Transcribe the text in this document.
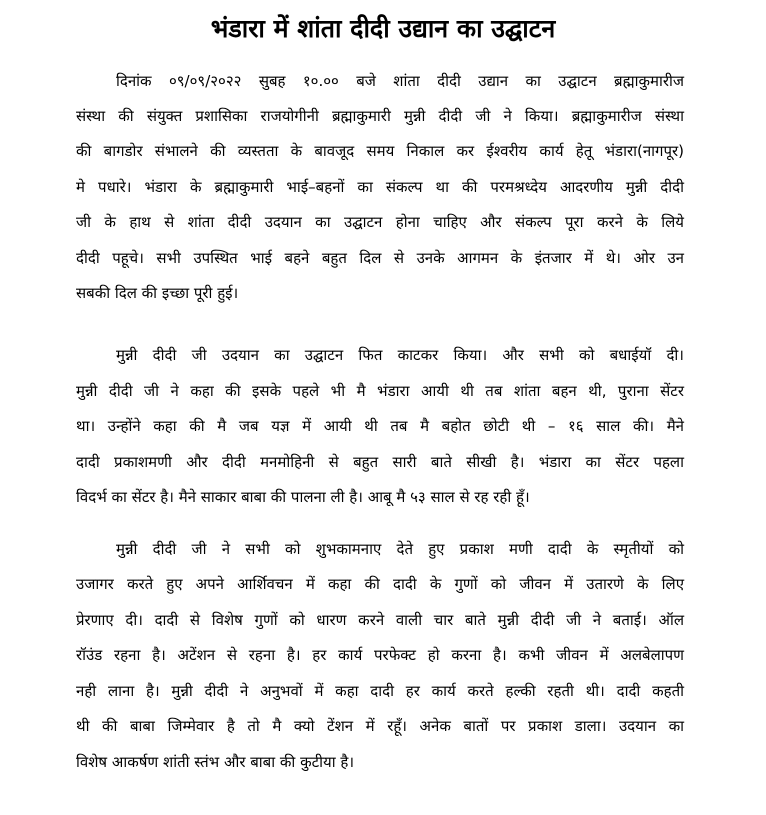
भंडारा में शांता दीदी उद्यान का उद्घाटन
दिनांक ०९/०९/२०२२ सुबह १०.०० बजे शांता दीदी उद्यान का उद्घाटन ब्रह्माकुमारीज
संस्था की संयुक्त प्रशासिका राजयोगीनी ब्रह्माकुमारी मुन्नी दीदी जी ने किया। ब्रह्माकुमारीज संस्था
की बागडोर संभालने की व्यस्तता के बावजूद समय निकाल कर ईश्वरीय कार्य हेतू भंडारा(नागपूर)
मे पधारे। भंडारा के ब्रह्माकुमारी भाई–बहनों का संकल्प था की परमश्रध्देय आदरणीय मुन्नी दीदी
जी के हाथ से शांता दीदी उदयान का उद्घाटन होना चाहिए और संकल्प पूरा करने के लिये
दीदी पहूचे। सभी उपस्थित भाई बहने बहुत दिल से उनके आगमन के इंतजार में थे। ओर उन
सबकी दिल की इच्छा पूरी हुई।
मुन्नी दीदी जी उदयान का उद्घाटन फित काटकर किया। और सभी को बधाईयॉ दी।
मुन्नी दीदी जी ने कहा की इसके पहले भी मै भंडारा आयी थी तब शांता बहन थी, पुराना सेंटर
था। उन्होंने कहा की मै जब यज्ञ में आयी थी तब मै बहोत छोटी थी – १६ साल की। मैने
दादी प्रकाशमणी और दीदी मनमोहिनी से बहुत सारी बाते सीखी है। भंडारा का सेंटर पहला
विदर्भ का सेंटर है। मैने साकार बाबा की पालना ली है। आबू मै ५३ साल से रह रही हूँ।
मुन्नी दीदी जी ने सभी को शुभकामनाए देते हुए प्रकाश मणी दादी के स्मृतीयों को
उजागर करते हुए अपने आर्शिवचन में कहा की दादी के गुणों को जीवन में उतारणे के लिए
प्रेरणाए दी। दादी से विशेष गुणों को धारण करने वाली चार बाते मुन्नी दीदी जी ने बताई। ऑल
रॉउंड रहना है। अटेंशन से रहना है। हर कार्य परफेक्ट हो करना है। कभी जीवन में अलबेलापण
नही लाना है। मुन्नी दीदी ने अनुभवों में कहा दादी हर कार्य करते हल्की रहती थी। दादी कहती
थी की बाबा जिम्मेवार है तो मै क्यो टेंशन में रहूँ। अनेक बातों पर प्रकाश डाला। उदयान का
विशेष आकर्षण शांती स्तंभ और बाबा की कुटीया है।
